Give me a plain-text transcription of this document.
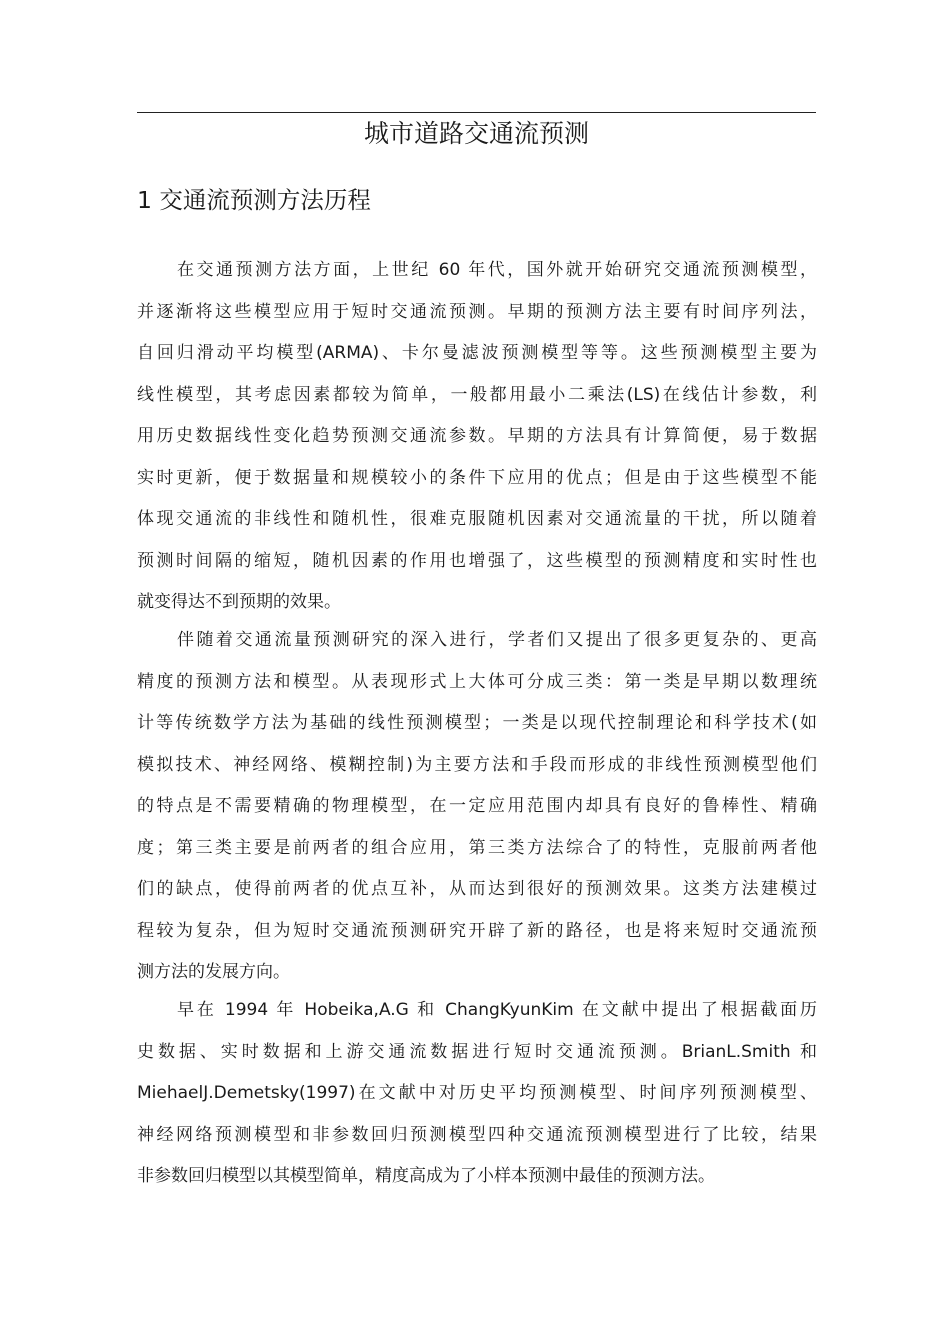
城市道路交通流预测
1 交通流预测方法历程
在交通预测方法方面，上世纪 60 年代，国外就开始研究交通流预测模型，
并逐渐将这些模型应用于短时交通流预测。早期的预测方法主要有时间序列法，
自回归滑动平均模型(ARMA)、卡尔曼滤波预测模型等等。这些预测模型主要为
线性模型，其考虑因素都较为简单，一般都用最小二乘法(LS)在线估计参数，利
用历史数据线性变化趋势预测交通流参数。早期的方法具有计算简便，易于数据
实时更新，便于数据量和规模较小的条件下应用的优点；但是由于这些模型不能
体现交通流的非线性和随机性，很难克服随机因素对交通流量的干扰，所以随着
预测时间隔的缩短，随机因素的作用也增强了，这些模型的预测精度和实时性也
就变得达不到预期的效果。
伴随着交通流量预测研究的深入进行，学者们又提出了很多更复杂的、更高
精度的预测方法和模型。从表现形式上大体可分成三类：第一类是早期以数理统
计等传统数学方法为基础的线性预测模型；一类是以现代控制理论和科学技术(如
模拟技术、神经网络、模糊控制)为主要方法和手段而形成的非线性预测模型他们
的特点是不需要精确的物理模型，在一定应用范围内却具有良好的鲁棒性、精确
度；第三类主要是前两者的组合应用，第三类方法综合了的特性，克服前两者他
们的缺点，使得前两者的优点互补，从而达到很好的预测效果。这类方法建模过
程较为复杂，但为短时交通流预测研究开辟了新的路径，也是将来短时交通流预
测方法的发展方向。
早在 1994 年 Hobeika,A.G 和 ChangKyunKim 在文献中提出了根据截面历
史数据、实时数据和上游交通流数据进行短时交通流预测。BrianL.Smith 和
MiehaelJ.Demetsky(1997)在文献中对历史平均预测模型、时间序列预测模型、
神经网络预测模型和非参数回归预测模型四种交通流预测模型进行了比较，结果
非参数回归模型以其模型简单，精度高成为了小样本预测中最佳的预测方法。
